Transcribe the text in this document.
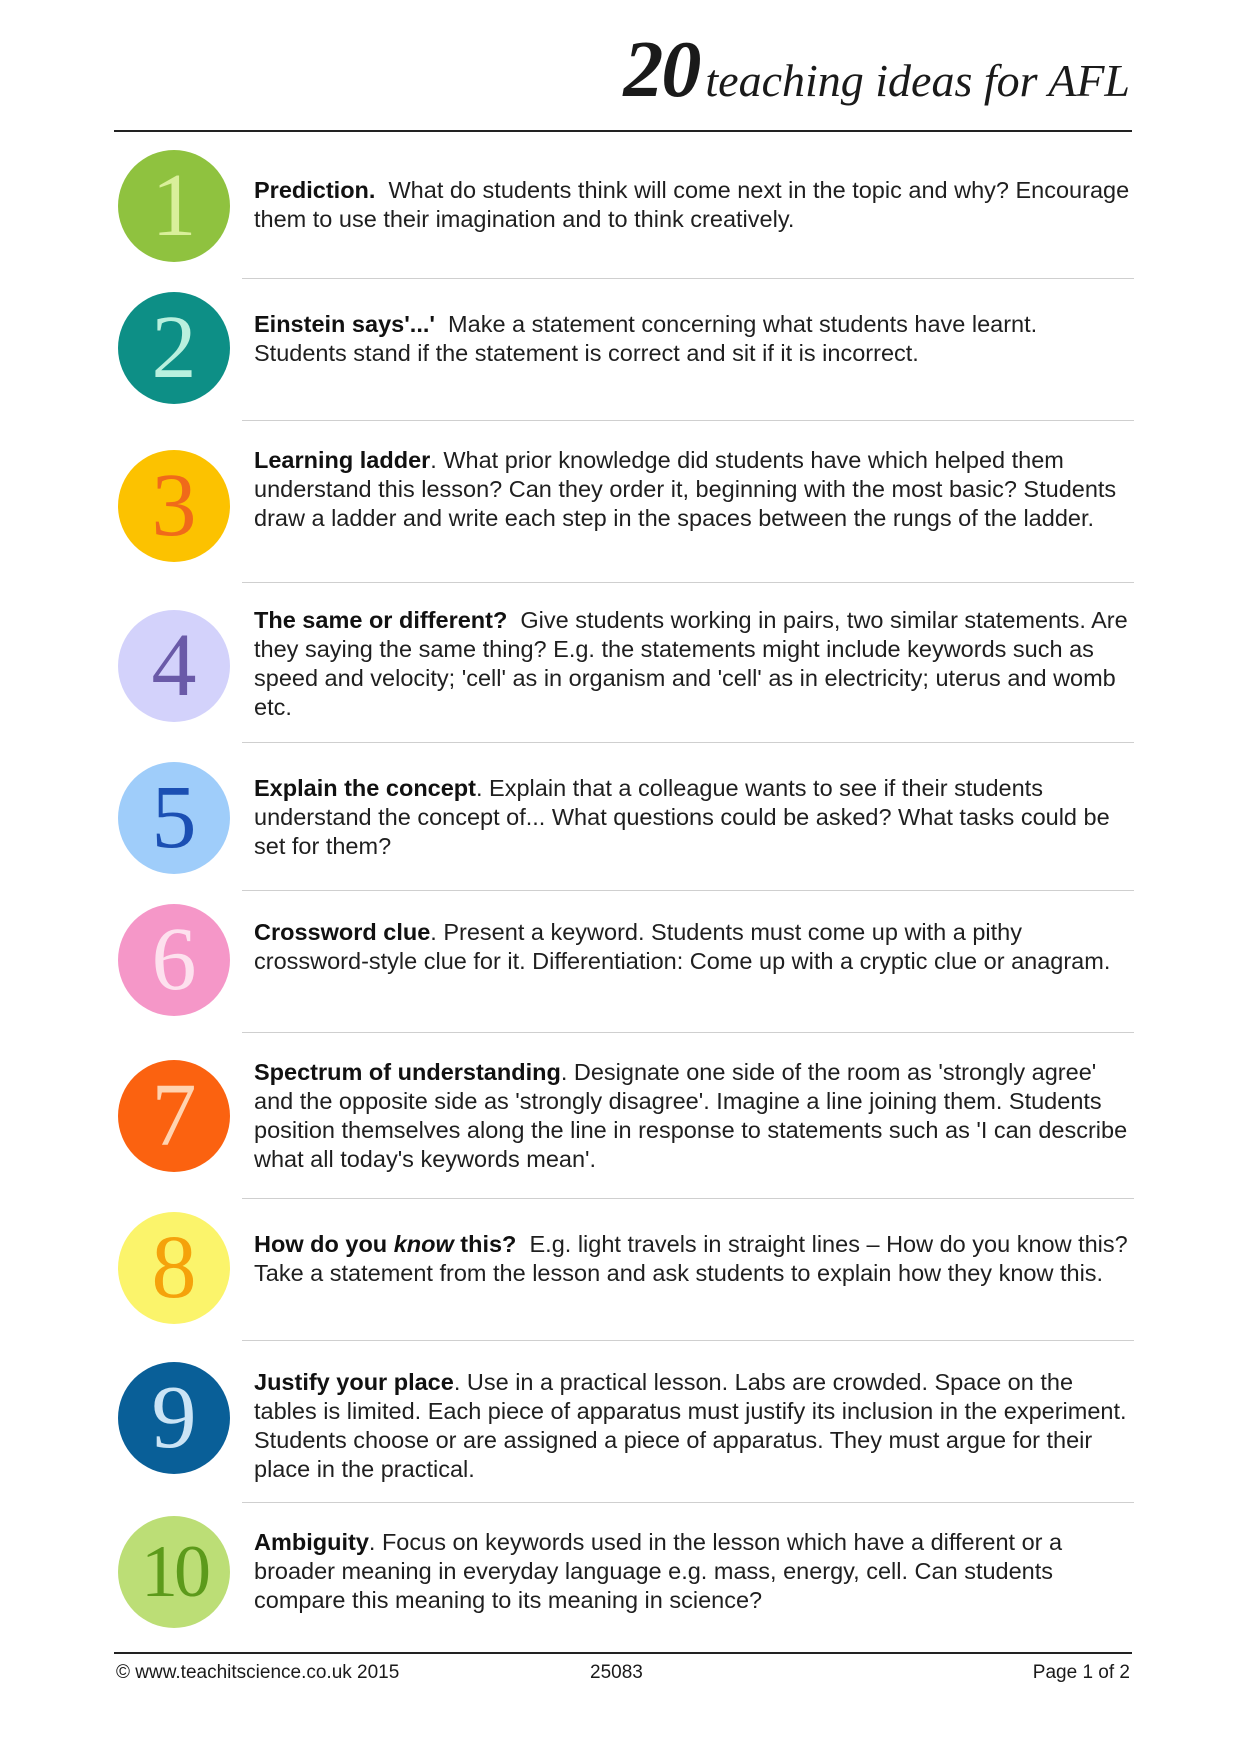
20 teaching ideas for AFL
1 Prediction. What do students think will come next in the topic and why? Encourage them to use their imagination and to think creatively.
2 Einstein says'...' Make a statement concerning what students have learnt. Students stand if the statement is correct and sit if it is incorrect.
3 Learning ladder. What prior knowledge did students have which helped them understand this lesson? Can they order it, beginning with the most basic? Students draw a ladder and write each step in the spaces between the rungs of the ladder.
4 The same or different? Give students working in pairs, two similar statements. Are they saying the same thing? E.g. the statements might include keywords such as speed and velocity; 'cell' as in organism and 'cell' as in electricity; uterus and womb etc.
5 Explain the concept. Explain that a colleague wants to see if their students understand the concept of... What questions could be asked? What tasks could be set for them?
6 Crossword clue. Present a keyword. Students must come up with a pithy crossword-style clue for it. Differentiation: Come up with a cryptic clue or anagram.
7 Spectrum of understanding. Designate one side of the room as 'strongly agree' and the opposite side as 'strongly disagree'. Imagine a line joining them. Students position themselves along the line in response to statements such as 'I can describe what all today's keywords mean'.
8 How do you know this? E.g. light travels in straight lines – How do you know this? Take a statement from the lesson and ask students to explain how they know this.
9 Justify your place. Use in a practical lesson. Labs are crowded. Space on the tables is limited. Each piece of apparatus must justify its inclusion in the experiment. Students choose or are assigned a piece of apparatus. They must argue for their place in the practical.
10 Ambiguity. Focus on keywords used in the lesson which have a different or a broader meaning in everyday language e.g. mass, energy, cell. Can students compare this meaning to its meaning in science?
© www.teachitscience.co.uk 2015	25083	Page 1 of 2
